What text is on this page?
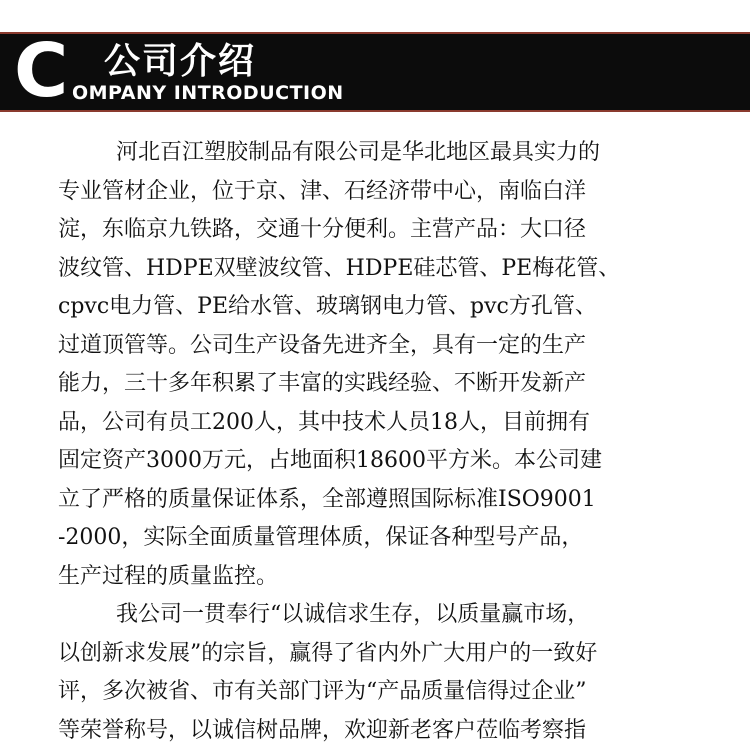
C 公司介绍
OMPANY INTRODUCTION

河北百江塑胶制品有限公司是华北地区最具实力的

专业管材企业，位于京、津、石经济带中心，南临白洋

淀，东临京九铁路，交通十分便利。主营产品：大口径

波纹管、HDPE双壁波纹管、HDPE硅芯管、PE梅花管、

cpvc电力管、PE给水管、玻璃钢电力管、pvc方孔管、

过道顶管等。公司生产设备先进齐全，具有一定的生产

能力，三十多年积累了丰富的实践经验、不断开发新产

品，公司有员工200人，其中技术人员18人，目前拥有

固定资产3000万元，占地面积18600平方米。本公司建

立了严格的质量保证体系，全部遵照国际标准ISO9001

-2000，实际全面质量管理体质，保证各种型号产品，

生产过程的质量监控。

我公司一贯奉行“以诚信求生存，以质量赢市场，

以创新求发展”的宗旨，赢得了省内外广大用户的一致好

评，多次被省、市有关部门评为“产品质量信得过企业”

等荣誉称号，以诚信树品牌，欢迎新老客户莅临考察指
